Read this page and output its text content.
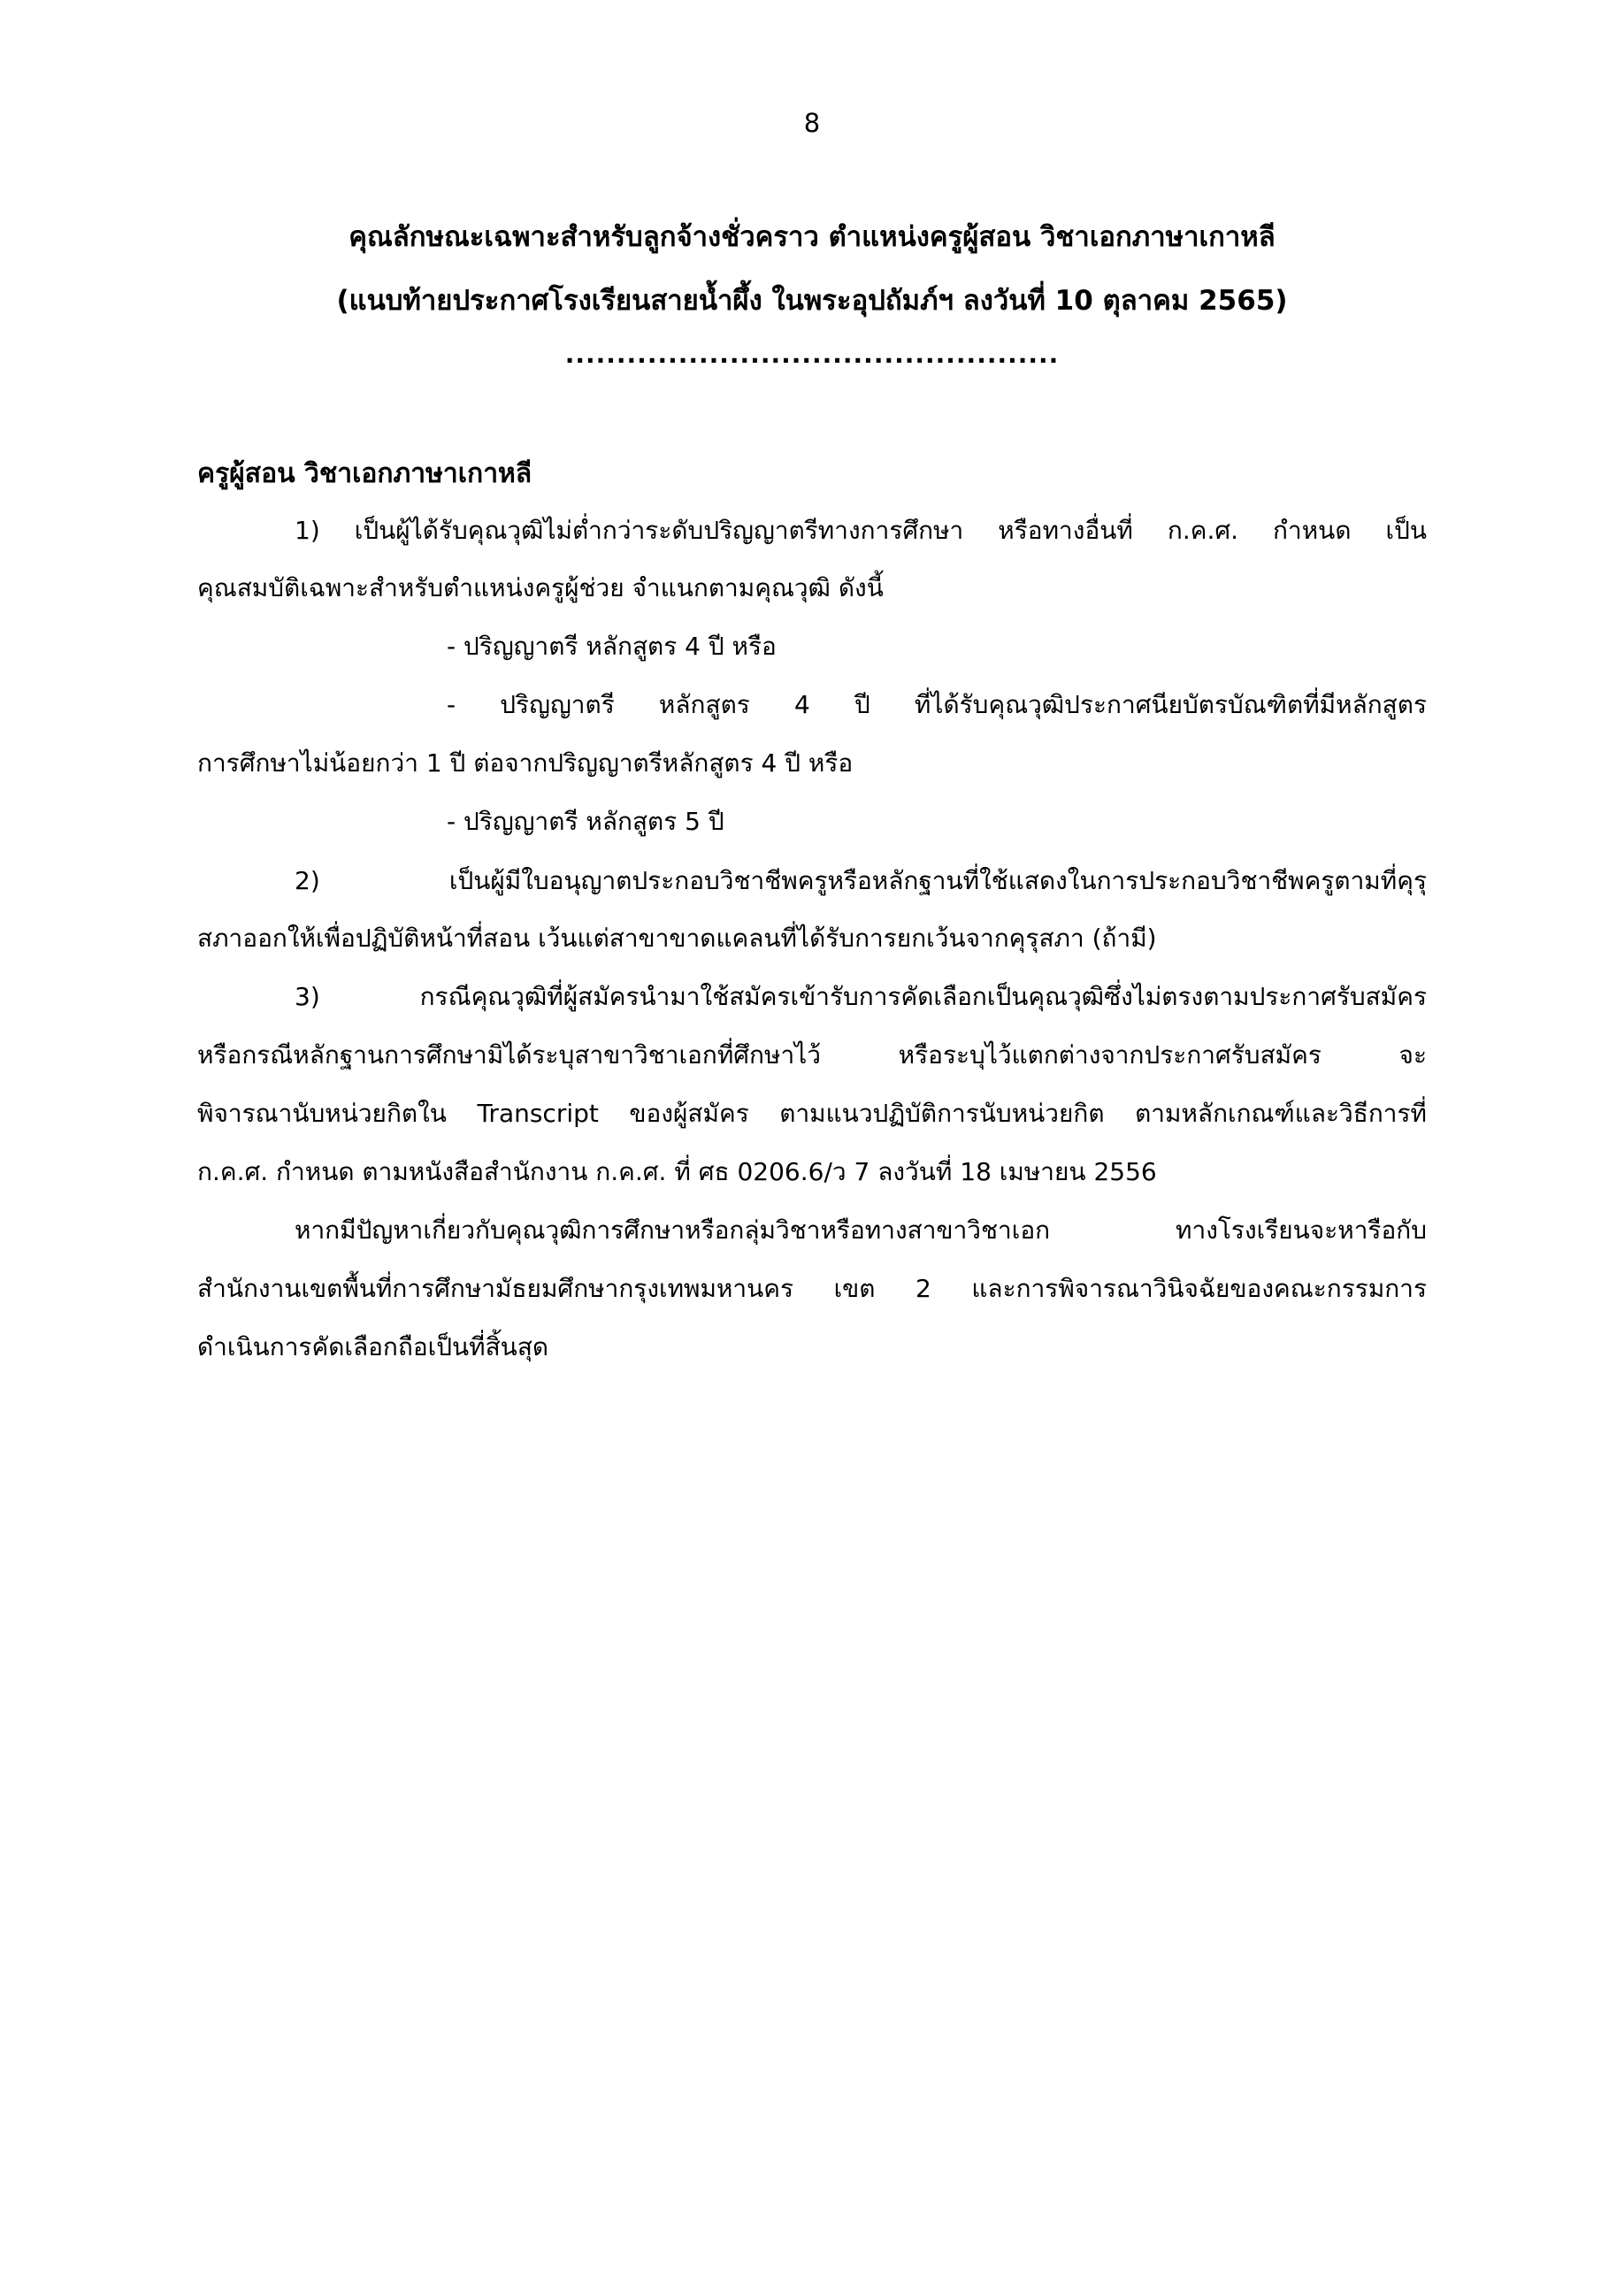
8
คุณลักษณะเฉพาะสำหรับลูกจ้างชั่วคราว ตำแหน่งครูผู้สอน วิชาเอกภาษาเกาหลี
(แนบท้ายประกาศโรงเรียนสายน้ำผึ้ง ในพระอุปถัมภ์ฯ ลงวันที่ 10 ตุลาคม 2565)
................................................
ครูผู้สอน วิชาเอกภาษาเกาหลี
1) เป็นผู้ได้รับคุณวุฒิไม่ต่ำกว่าระดับปริญญาตรีทางการศึกษา หรือทางอื่นที่ ก.ค.ศ. กำหนด เป็น
คุณสมบัติเฉพาะสำหรับตำแหน่งครูผู้ช่วย จำแนกตามคุณวุฒิ ดังนี้
- ปริญญาตรี หลักสูตร 4 ปี หรือ
- ปริญญาตรี หลักสูตร 4 ปี ที่ได้รับคุณวุฒิประกาศนียบัตรบัณฑิตที่มีหลักสูตร
การศึกษาไม่น้อยกว่า 1 ปี ต่อจากปริญญาตรีหลักสูตร 4 ปี หรือ
- ปริญญาตรี หลักสูตร 5 ปี
2) เป็นผู้มีใบอนุญาตประกอบวิชาชีพครูหรือหลักฐานที่ใช้แสดงในการประกอบวิชาชีพครูตามที่คุรุ
สภาออกให้เพื่อปฏิบัติหน้าที่สอน เว้นแต่สาขาขาดแคลนที่ได้รับการยกเว้นจากคุรุสภา (ถ้ามี)
3) กรณีคุณวุฒิที่ผู้สมัครนำมาใช้สมัครเข้ารับการคัดเลือกเป็นคุณวุฒิซึ่งไม่ตรงตามประกาศรับสมัคร
หรือกรณีหลักฐานการศึกษามิได้ระบุสาขาวิชาเอกที่ศึกษาไว้ หรือระบุไว้แตกต่างจากประกาศรับสมัคร จะ
พิจารณานับหน่วยกิตใน Transcript ของผู้สมัคร ตามแนวปฏิบัติการนับหน่วยกิต ตามหลักเกณฑ์และวิธีการที่
ก.ค.ศ. กำหนด ตามหนังสือสำนักงาน ก.ค.ศ. ที่ ศธ 0206.6/ว 7 ลงวันที่ 18 เมษายน 2556
หากมีปัญหาเกี่ยวกับคุณวุฒิการศึกษาหรือกลุ่มวิชาหรือทางสาขาวิชาเอก ทางโรงเรียนจะหารือกับ
สำนักงานเขตพื้นที่การศึกษามัธยมศึกษากรุงเทพมหานคร เขต 2 และการพิจารณาวินิจฉัยของคณะกรรมการ
ดำเนินการคัดเลือกถือเป็นที่สิ้นสุด
